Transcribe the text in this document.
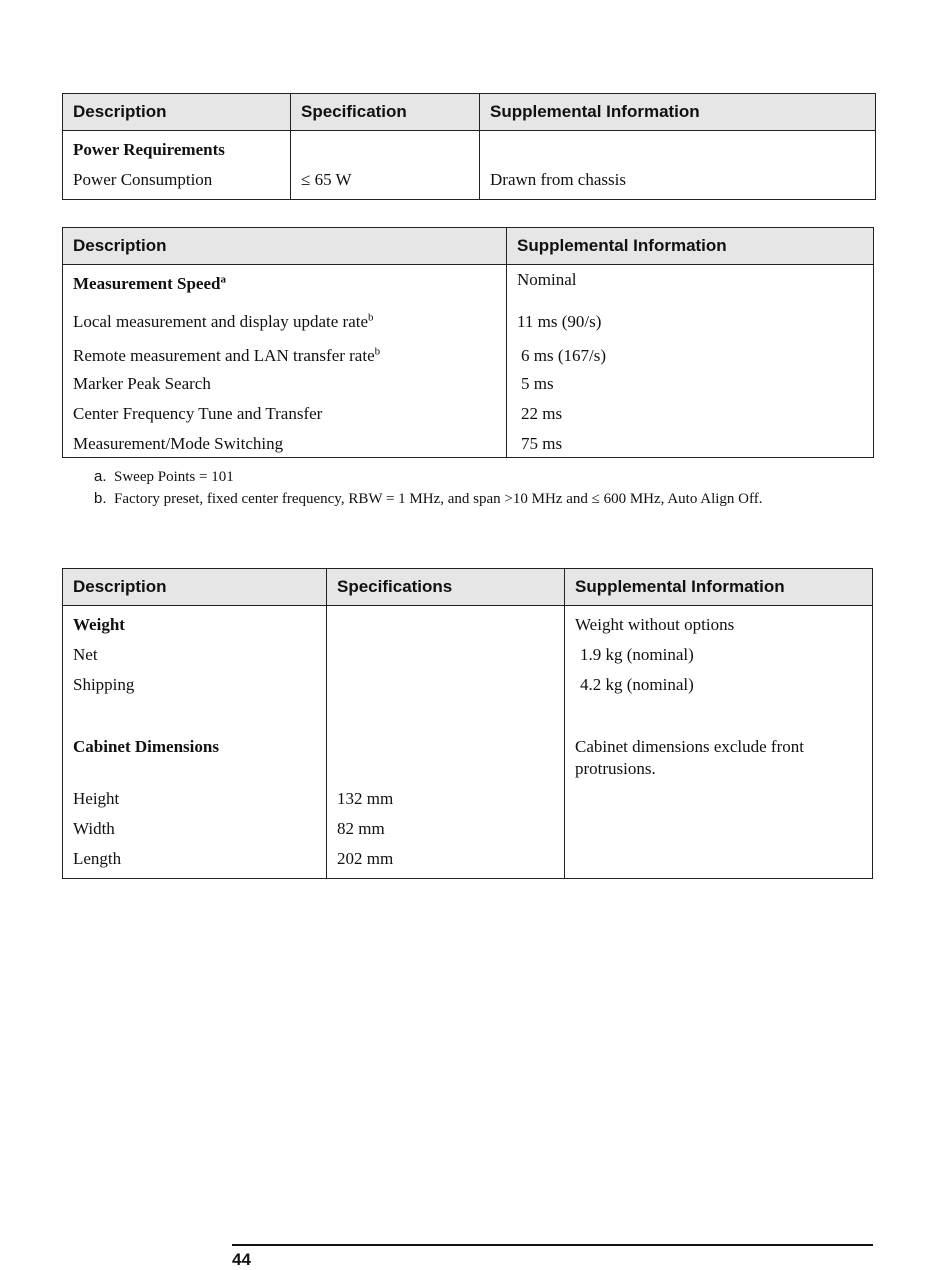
Description	Specification	Supplemental Information
Power Requirements		
Power Consumption	≤ 65 W	Drawn from chassis
Description	Supplemental Information
Measurement Speed$^a$	Nominal
Local measurement and display update rate$^b$	11 ms (90/s)
Remote measurement and LAN transfer rate$^b$	6 ms (167/s)
Marker Peak Search	5 ms
Center Frequency Tune and Transfer	22 ms
Measurement/Mode Switching	75 ms
a. Sweep Points = 101
b. Factory preset, fixed center frequency, RBW = 1 MHz, and span >10 MHz and ≤ 600 MHz, Auto Align Off.
Description	Specifications	Supplemental Information
Weight		Weight without options
Net		1.9 kg (nominal)
Shipping		4.2 kg (nominal)
Cabinet Dimensions		Cabinet dimensions exclude front protrusions.
Height	132 mm	
Width	82 mm	
Length	202 mm	
44
